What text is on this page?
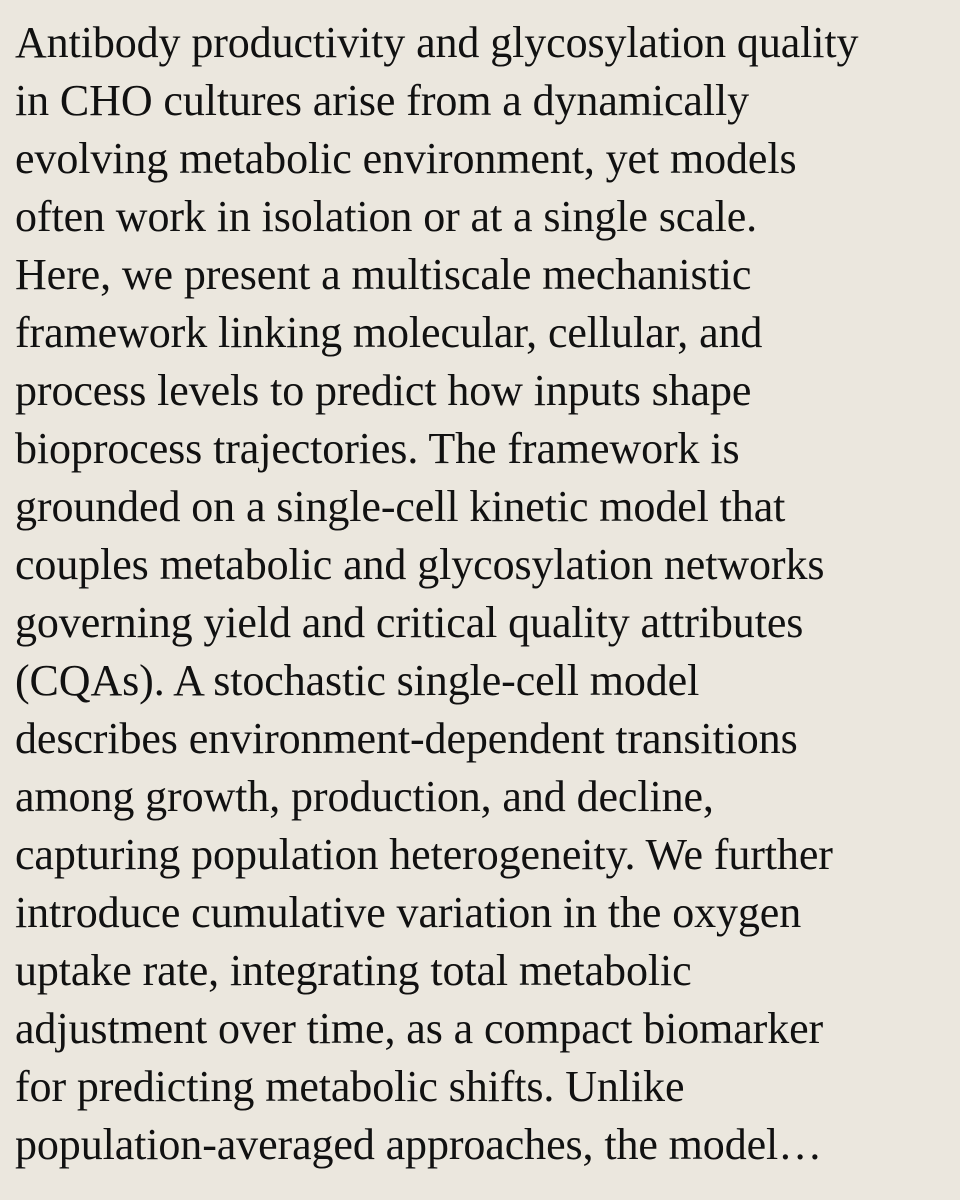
Antibody productivity and glycosylation quality
in CHO cultures arise from a dynamically
evolving metabolic environment, yet models
often work in isolation or at a single scale.
Here, we present a multiscale mechanistic
framework linking molecular, cellular, and
process levels to predict how inputs shape
bioprocess trajectories. The framework is
grounded on a single-cell kinetic model that
couples metabolic and glycosylation networks
governing yield and critical quality attributes
(CQAs). A stochastic single-cell model
describes environment-dependent transitions
among growth, production, and decline,
capturing population heterogeneity. We further
introduce cumulative variation in the oxygen
uptake rate, integrating total metabolic
adjustment over time, as a compact biomarker
for predicting metabolic shifts. Unlike
population-averaged approaches, the model…
